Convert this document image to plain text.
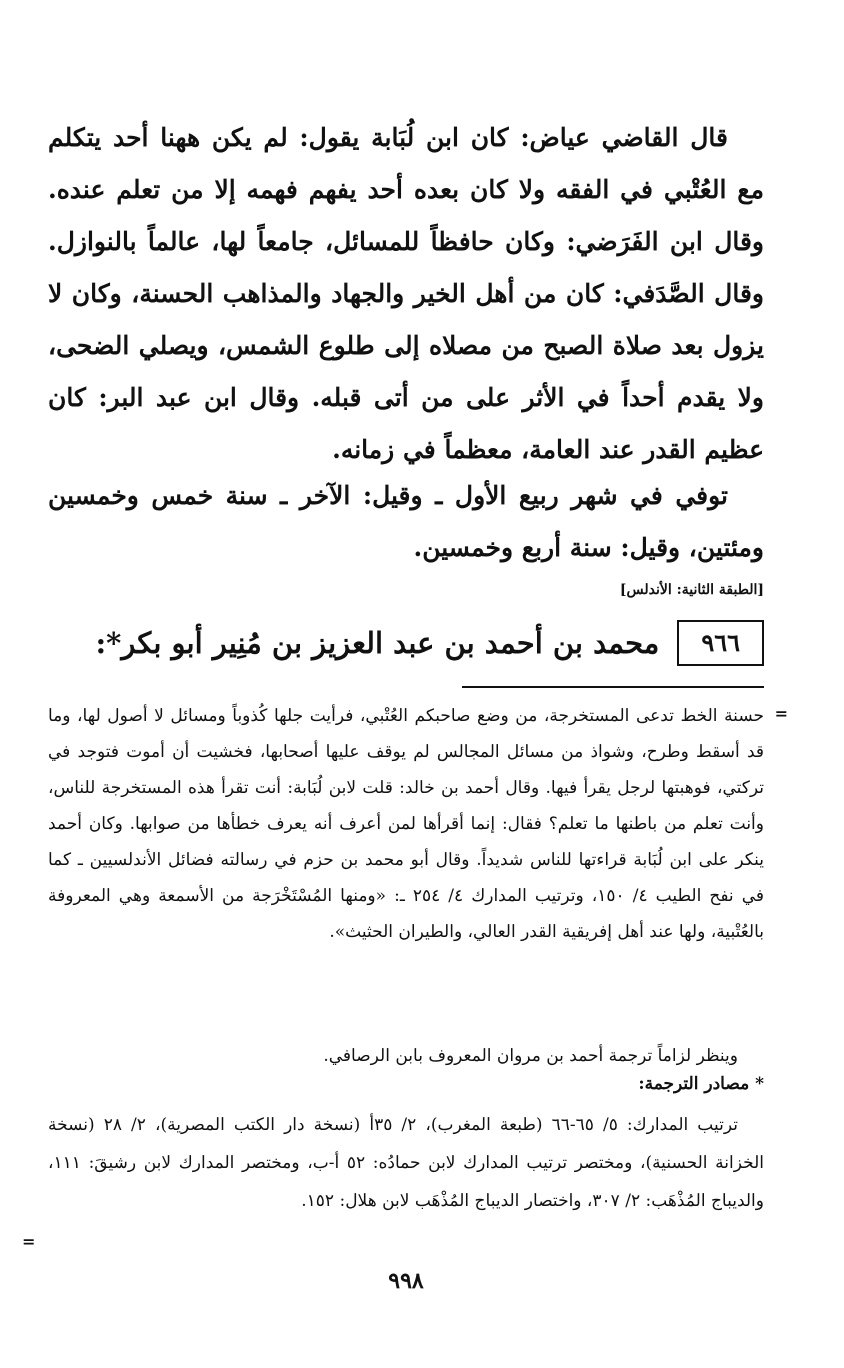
قال القاضي عياض: كان ابن لُبَابة يقول: لم يكن ههنا أحد يتكلم مع العُتْبي في الفقه ولا كان بعده أحد يفهم فهمه إلا من تعلم عنده. وقال ابن الفَرَضي: وكان حافظاً للمسائل، جامعاً لها، عالماً بالنوازل. وقال الصَّدَفي: كان من أهل الخير والجهاد والمذاهب الحسنة، وكان لا يزول بعد صلاة الصبح من مصلاه إلى طلوع الشمس، ويصلي الضحى، ولا يقدم أحداً في الأثر على من أتى قبله. وقال ابن عبد البر: كان عظيم القدر عند العامة، معظماً في زمانه.

توفي في شهر ربيع الأول ـ وقيل: الآخر ـ سنة خمس وخمسين ومئتين، وقيل: سنة أربع وخمسين.

[الطبقة الثانية: الأندلس]
٩٦٦
محمد بن أحمد بن عبد العزيز بن مُنِير أبو بكر*:

حسنة الخط تدعى المستخرجة، من وضع صاحبكم العُتْبي، فرأيت جلها كُذوباً ومسائل لا أصول لها، وما قد أسقط وطرح، وشواذ من مسائل المجالس لم يوقف عليها أصحابها، فخشيت أن أموت فتوجد في تركتي، فوهبتها لرجل يقرأ فيها. وقال أحمد بن خالد: قلت لابن لُبَابة: أنت تقرأ هذه المستخرجة للناس، وأنت تعلم من باطنها ما تعلم؟ فقال: إنما أقرأها لمن أعرف أنه يعرف خطأها من صوابها. وكان أحمد ينكر على ابن لُبَابة قراءتها للناس شديداً. وقال أبو محمد بن حزم في رسالته فضائل الأندلسيين ـ كما في نفح الطيب ٤/ ١٥٠، وترتيب المدارك ٤/ ٢٥٤ ـ: «ومنها المُسْتَخْرَجة من الأسمعة وهي المعروفة بالعُتْبية، ولها عند أهل إفريقية القدر العالي، والطيران الحثيث».

وينظر لزاماً ترجمة أحمد بن مروان المعروف بابن الرصافي.

* مصادر الترجمة:

ترتيب المدارك: ٥/ ٦٥-٦٦ (طبعة المغرب)، ٢/ ٣٥أ (نسخة دار الكتب المصرية)، ٢/ ٢٨ (نسخة الخزانة الحسنية)، ومختصر ترتيب المدارك لابن حمادُه: ٥٢ أ-ب، ومختصر المدارك لابن رشيقَ: ١١١، والديباج المُذْهَب: ٢/ ٣٠٧، واختصار الديباج المُذْهَب لابن هلال: ١٥٢.

٩٩٨
=
=
